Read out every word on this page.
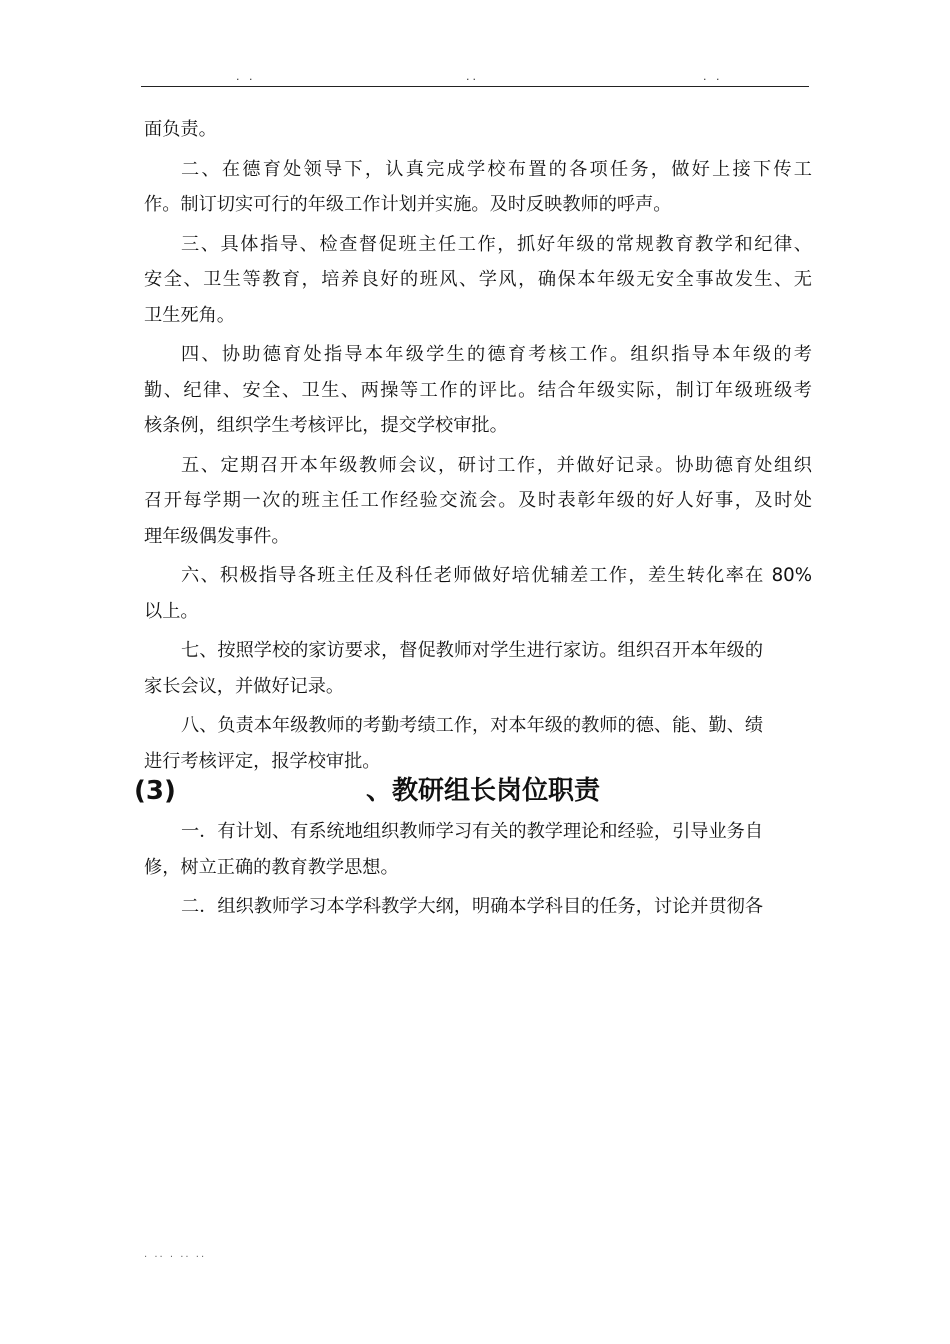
. .	..	. .
面负责。
二、在德育处领导下，认真完成学校布置的各项任务，做好上接下传工
作。制订切实可行的年级工作计划并实施。及时反映教师的呼声。
三、具体指导、检查督促班主任工作，抓好年级的常规教育教学和纪律、
安全、卫生等教育，培养良好的班风、学风，确保本年级无安全事故发生、无
卫生死角。
四、协助德育处指导本年级学生的德育考核工作。组织指导本年级的考
勤、纪律、安全、卫生、两操等工作的评比。结合年级实际，制订年级班级考
核条例，组织学生考核评比，提交学校审批。
五、定期召开本年级教师会议，研讨工作，并做好记录。协助德育处组织
召开每学期一次的班主任工作经验交流会。及时表彰年级的好人好事，及时处
理年级偶发事件。
六、积极指导各班主任及科任老师做好培优辅差工作，差生转化率在 80%
以上。
七、按照学校的家访要求，督促教师对学生进行家访。组织召开本年级的
家长会议，并做好记录。
八、负责本年级教师的考勤考绩工作，对本年级的教师的德、能、勤、绩
进行考核评定，报学校审批。
(3)	、教研组长岗位职责
一．有计划、有系统地组织教师学习有关的教学理论和经验，引导业务自
修，树立正确的教育教学思想。
二．组织教师学习本学科教学大纲，明确本学科目的任务，讨论并贯彻各
· ·· · ·· ··
